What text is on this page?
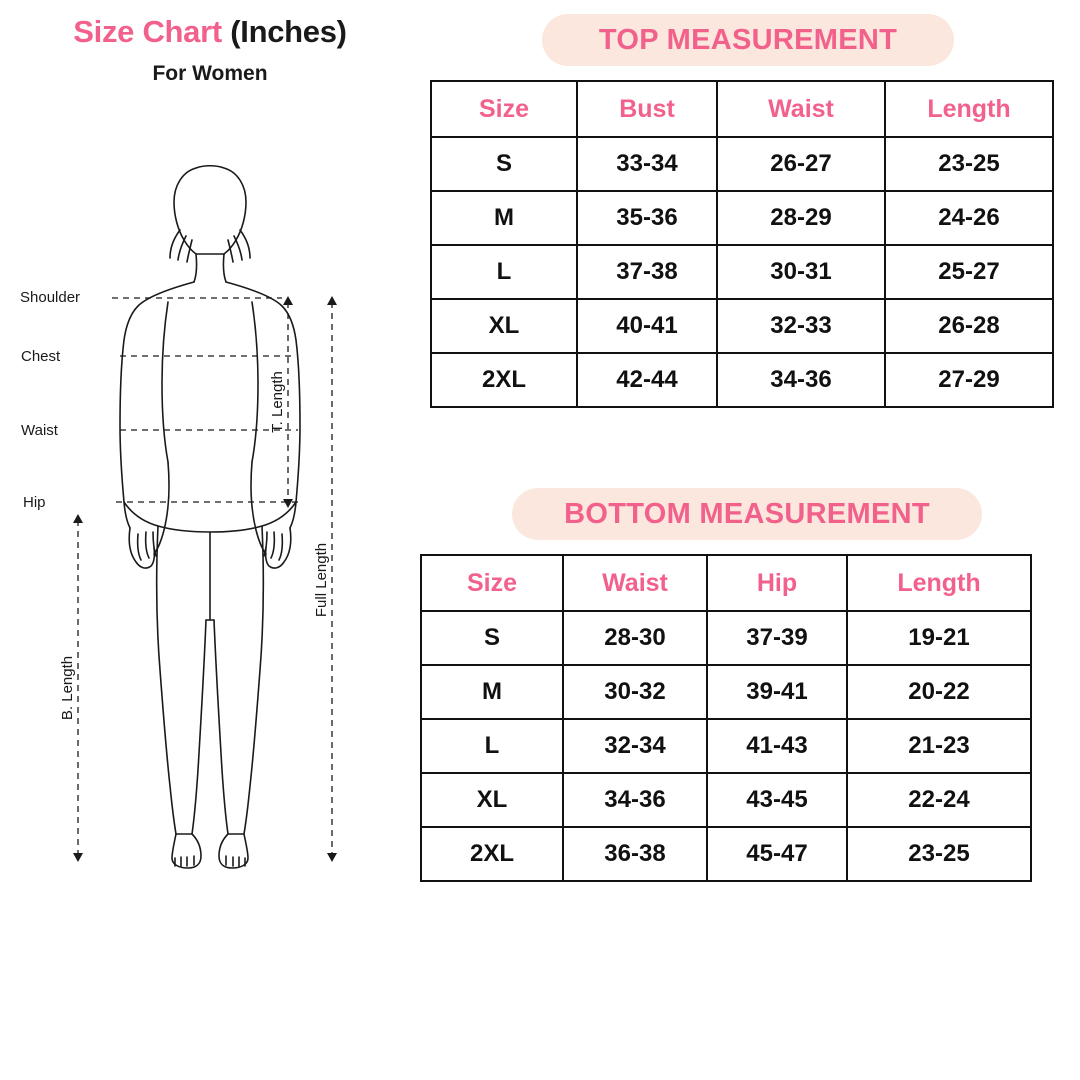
Size Chart (Inches)
For Women
Shoulder
Chest
Waist
Hip
T. Length
Full Length
B. Length
TOP MEASUREMENT
Size	Bust	Waist	Length
S	33-34	26-27	23-25
M	35-36	28-29	24-26
L	37-38	30-31	25-27
XL	40-41	32-33	26-28
2XL	42-44	34-36	27-29
BOTTOM MEASUREMENT
Size	Waist	Hip	Length
S	28-30	37-39	19-21
M	30-32	39-41	20-22
L	32-34	41-43	21-23
XL	34-36	43-45	22-24
2XL	36-38	45-47	23-25
